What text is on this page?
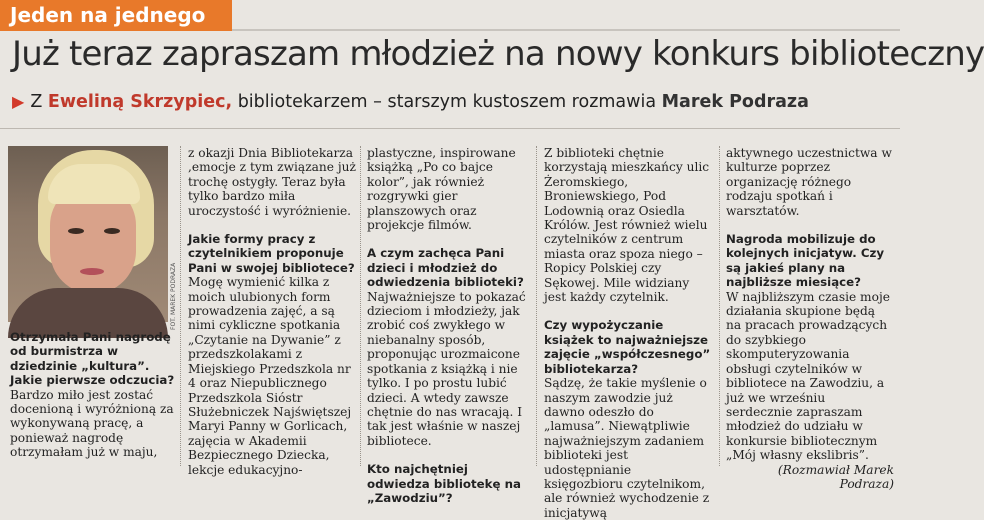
Jeden na jednego
Już teraz zapraszam młodzież na nowy konkurs biblioteczny
▶ Z Eweliną Skrzypiec, bibliotekarzem – starszym kustoszem rozmawia Marek Podraza
FOT. MAREK PODRAZA

Otrzymała Pani nagrodę od burmistrza w dziedzinie „kultura”. Jakie pierwsze odczucia?

Bardzo miło jest zostać docenioną i wyróżnioną za wykonywaną pracę, a ponieważ nagrodę otrzymałam już w maju,

z okazji Dnia Bibliotekarza ,emocje z tym związane już trochę ostygły. Teraz była tylko bardzo miła uroczystość i wyróżnienie.

Jakie formy pracy z czytelnikiem proponuje Pani w swojej bibliotece?

Mogę wymienić kilka z moich ulubionych form prowadzenia zajęć, a są nimi cykliczne spotkania „Czytanie na Dywanie” z przedszkolakami z Miejskiego Przedszkola nr 4 oraz Niepublicznego Przedszkola Sióstr Służebniczek Najświętszej Maryi Panny w Gorlicach, zajęcia w Akademii Bezpiecznego Dziecka, lekcje edukacyjno-

plastyczne, inspirowane książką „Po co bajce kolor”, jak również rozgrywki gier planszowych oraz projekcje filmów.

A czym zachęca Pani dzieci i młodzież do odwiedzenia biblioteki?

Najważniejsze to pokazać dzieciom i młodzieży, jak zrobić coś zwykłego w niebanalny sposób, proponując urozmaicone spotkania z książką i nie tylko. I po prostu lubić dzieci. A wtedy zawsze chętnie do nas wracają. I tak jest właśnie w naszej bibliotece.

Kto najchętniej odwiedza bibliotekę na „Zawodziu”?

Z biblioteki chętnie korzystają mieszkańcy ulic Żeromskiego, Broniewskiego, Pod Lodownią oraz Osiedla Królów. Jest również wielu czytelników z centrum miasta oraz spoza niego – Ropicy Polskiej czy Sękowej. Mile widziany jest każdy czytelnik.

Czy wypożyczanie książek to najważniejsze zajęcie „współczesnego” bibliotekarza?

Sądzę, że takie myślenie o naszym zawodzie już dawno odeszło do „lamusa”. Niewątpliwie najważniejszym zadaniem biblioteki jest udostępnianie księgozbioru czytelnikom, ale również wychodzenie z inicjatywą

aktywnego uczestnictwa w kulturze poprzez organizację różnego rodzaju spotkań i warsztatów.

Nagroda mobilizuje do kolejnych inicjatyw. Czy są jakieś plany na najbliższe miesiące?

W najbliższym czasie moje działania skupione będą na pracach prowadzących do szybkiego skomputeryzowania obsługi czytelników w bibliotece na Zawodziu, a już we wrześniu serdecznie zapraszam młodzież do udziału w konkursie bibliotecznym „Mój własny ekslibris”.

(Rozmawiał Marek Podraza)
